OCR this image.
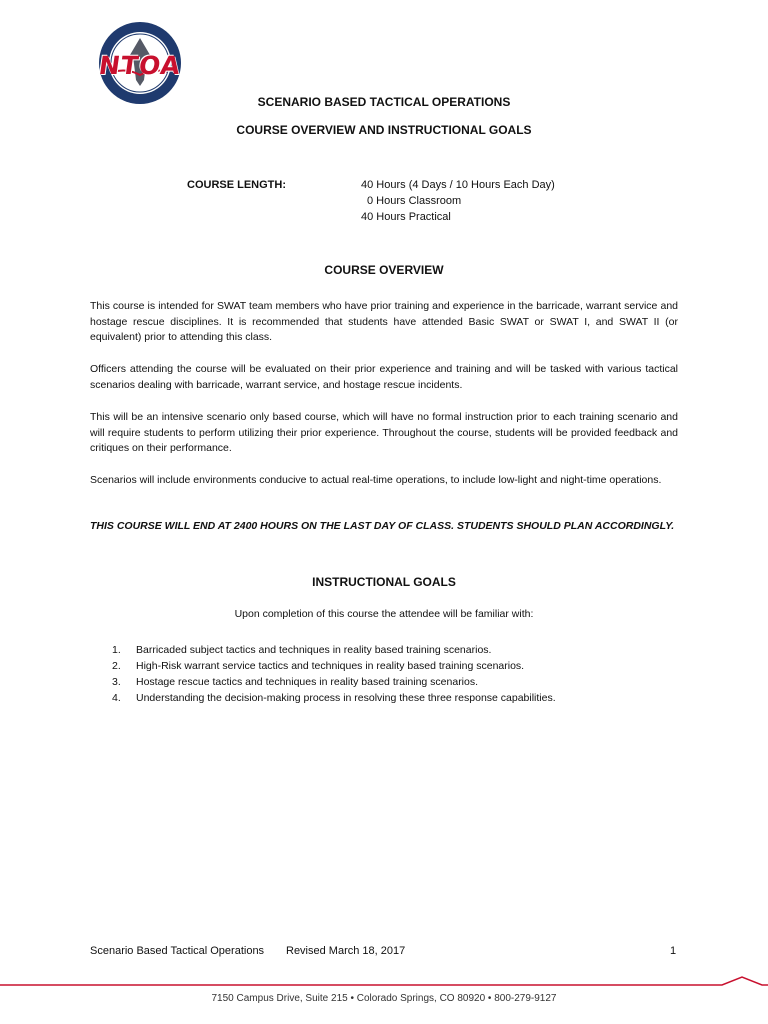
NTOA
SCENARIO BASED TACTICAL OPERATIONS
COURSE OVERVIEW AND INSTRUCTIONAL GOALS
COURSE LENGTH:	40 Hours (4 Days / 10 Hours Each Day)
0 Hours Classroom
40 Hours Practical
COURSE OVERVIEW

This course is intended for SWAT team members who have prior training and experience in the barricade, warrant service and hostage rescue disciplines. It is recommended that students have attended Basic SWAT or SWAT I, and SWAT II (or equivalent) prior to attending this class.

Officers attending the course will be evaluated on their prior experience and training and will be tasked with various tactical scenarios dealing with barricade, warrant service, and hostage rescue incidents.

This will be an intensive scenario only based course, which will have no formal instruction prior to each training scenario and will require students to perform utilizing their prior experience. Throughout the course, students will be provided feedback and critiques on their performance.

Scenarios will include environments conducive to actual real-time operations, to include low-light and night-time operations.

THIS COURSE WILL END AT 2400 HOURS ON THE LAST DAY OF CLASS. STUDENTS SHOULD PLAN ACCORDINGLY.
INSTRUCTIONAL GOALS
Upon completion of this course the attendee will be familiar with:
1.	Barricaded subject tactics and techniques in reality based training scenarios.
2.	High-Risk warrant service tactics and techniques in reality based training scenarios.
3.	Hostage rescue tactics and techniques in reality based training scenarios.
4.	Understanding the decision-making process in resolving these three response capabilities.
Scenario Based Tactical Operations Revised March 18, 2017	1
7150 Campus Drive, Suite 215 • Colorado Springs, CO 80920 • 800-279-9127
